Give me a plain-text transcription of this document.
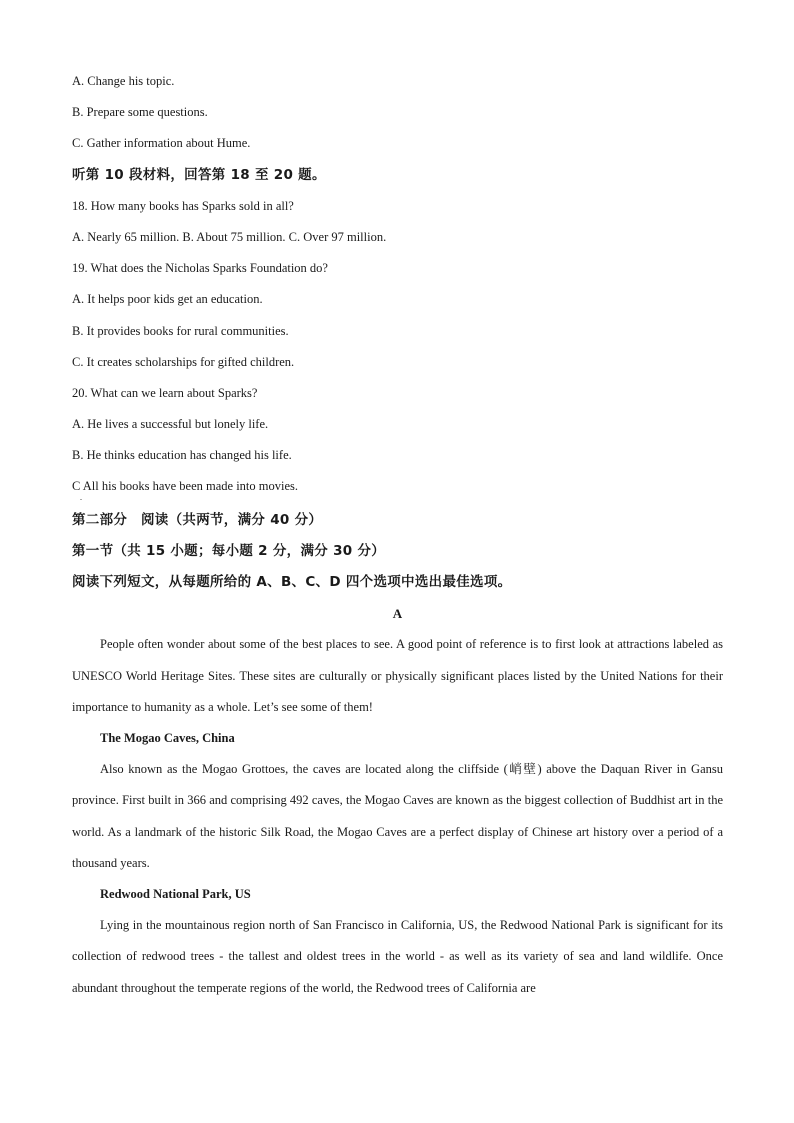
A. Change his topic.
B. Prepare some questions.
C. Gather information about Hume.
听第 10 段材料，回答第 18 至 20 题。
18. How many books has Sparks sold in all?
A. Nearly 65 million. B. About 75 million. C. Over 97 million.
19. What does the Nicholas Sparks Foundation do?
A. It helps poor kids get an education.
B. It provides books for rural communities.
C. It creates scholarships for gifted children.
20. What can we learn about Sparks?
A. He lives a successful but lonely life.
B. He thinks education has changed his life.
C All his books have been made into movies.
.
第二部分　阅读（共两节，满分 40 分）
第一节（共 15 小题；每小题 2 分，满分 30 分）
阅读下列短文，从每题所给的 A、B、C、D 四个选项中选出最佳选项。
A
People often wonder about some of the best places to see. A good point of reference is to first look at attractions labeled as UNESCO World Heritage Sites. These sites are culturally or physically significant places listed by the United Nations for their importance to humanity as a whole. Let’s see some of them!
The Mogao Caves, China
Also known as the Mogao Grottoes, the caves are located along the cliffside (峭壁) above the Daquan River in Gansu province. First built in 366 and comprising 492 caves, the Mogao Caves are known as the biggest collection of Buddhist art in the world. As a landmark of the historic Silk Road, the Mogao Caves are a perfect display of Chinese art history over a period of a thousand years.
Redwood National Park, US
Lying in the mountainous region north of San Francisco in California, US, the Redwood National Park is significant for its collection of redwood trees - the tallest and oldest trees in the world - as well as its variety of sea and land wildlife. Once abundant throughout the temperate regions of the world, the Redwood trees of California are
